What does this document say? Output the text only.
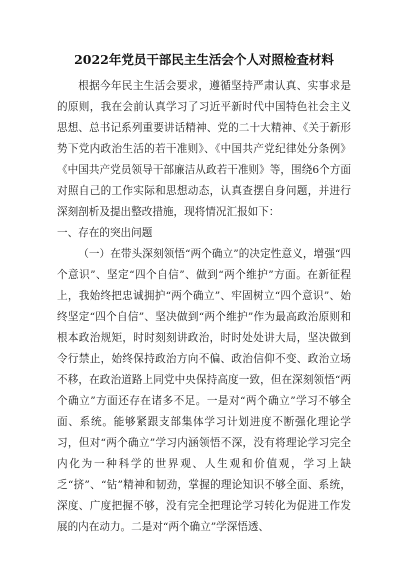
2022年党员干部民主生活会个人对照检查材料

根据今年民主生活会要求，遵循坚持严肃认真、实事求是的原则，我在会前认真学习了习近平新时代中国特色社会主义思想、总书记系列重要讲话精神、党的二十大精神、《关于新形势下党内政治生活的若干准则》、《中国共产党纪律处分条例》《中国共产党员领导干部廉洁从政若干准则》等，围绕6个方面对照自己的工作实际和思想动态，认真查摆自身问题，并进行深刻剖析及提出整改措施，现将情况汇报如下：

一、存在的突出问题

（一）在带头深刻领悟“两个确立”的决定性意义，增强“四个意识”、坚定“四个自信”、做到“两个维护”方面。在新征程上，我始终把忠诚拥护“两个确立”、牢固树立“四个意识”、始终坚定“四个自信”、坚决做到“两个维护”作为最高政治原则和根本政治规矩，时时刻刻讲政治，时时处处讲大局，坚决做到令行禁止，始终保持政治方向不偏、政治信仰不变、政治立场不移，在政治道路上同党中央保持高度一致，但在深刻领悟“两个确立”方面还存在诸多不足。一是对“两个确立”学习不够全面、系统。能够紧跟支部集体学习计划进度不断强化理论学习，但对“两个确立”学习内涵领悟不深，没有将理论学习完全内化为一种科学的世界观、人生观和价值观，学习上缺乏“挤”、“钻”精神和韧劲，掌握的理论知识不够全面、系统，深度、广度把握不够，没有完全把理论学习转化为促进工作发展的内在动力。二是对“两个确立”学深悟透、
